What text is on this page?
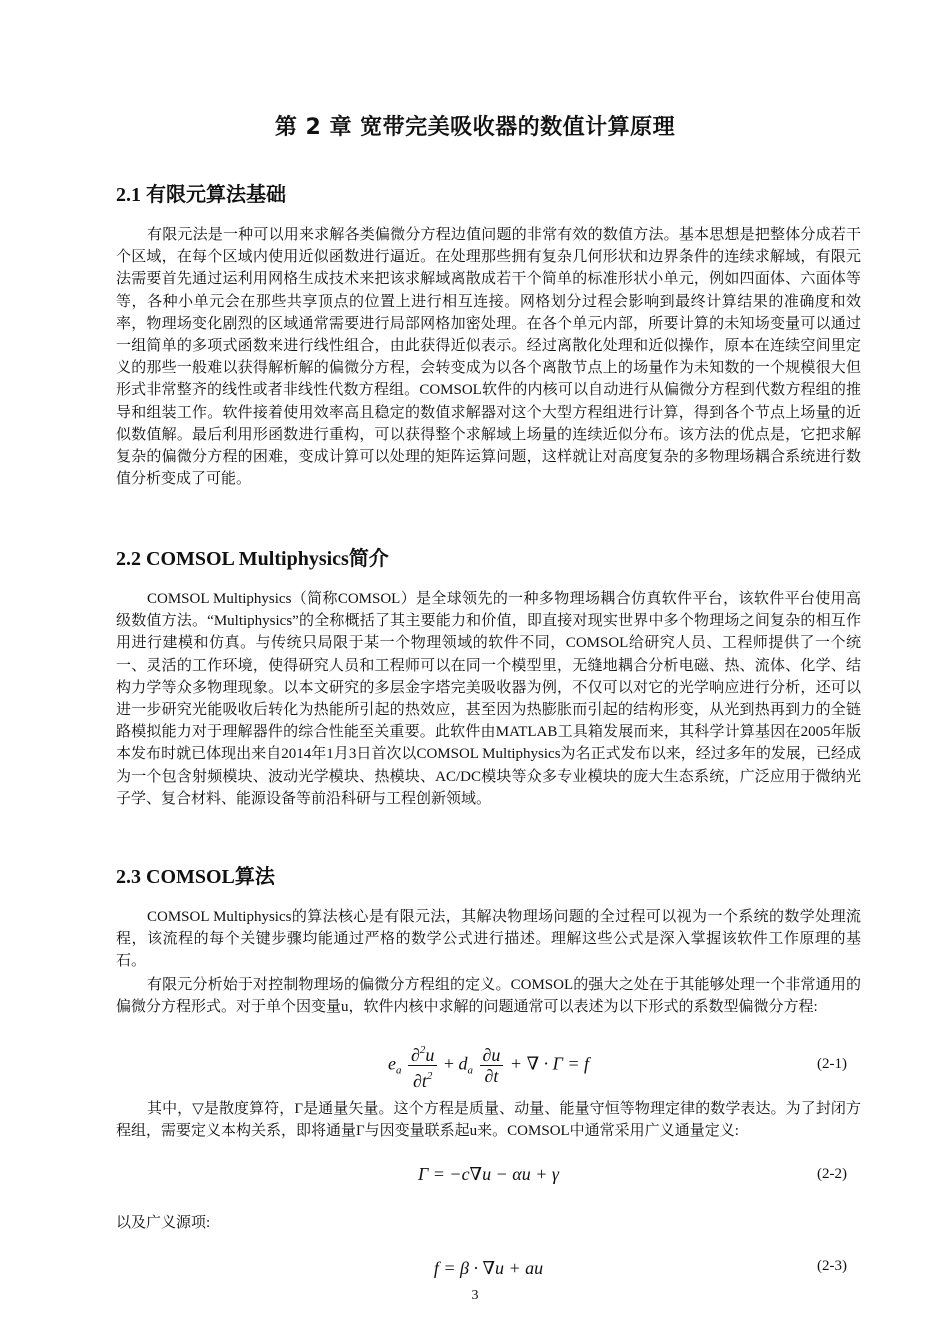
第 2 章 宽带完美吸收器的数值计算原理
2.1 有限元算法基础

有限元法是一种可以用来求解各类偏微分方程边值问题的非常有效的数值方法。基本思想是把整体分成若干个区域，在每个区域内使用近似函数进行逼近。在处理那些拥有复杂几何形状和边界条件的连续求解域，有限元法需要首先通过运利用网格生成技术来把该求解域离散成若干个简单的标准形状小单元，例如四面体、六面体等等，各种小单元会在那些共享顶点的位置上进行相互连接。网格划分过程会影响到最终计算结果的准确度和效率，物理场变化剧烈的区域通常需要进行局部网格加密处理。在各个单元内部，所要计算的未知场变量可以通过一组简单的多项式函数来进行线性组合，由此获得近似表示。经过离散化处理和近似操作，原本在连续空间里定义的那些一般难以获得解析解的偏微分方程，会转变成为以各个离散节点上的场量作为未知数的一个规模很大但形式非常整齐的线性或者非线性代数方程组。COMSOL软件的内核可以自动进行从偏微分方程到代数方程组的推导和组装工作。软件接着使用效率高且稳定的数值求解器对这个大型方程组进行计算，得到各个节点上场量的近似数值解。最后利用形函数进行重构，可以获得整个求解域上场量的连续近似分布。该方法的优点是，它把求解复杂的偏微分方程的困难，变成计算可以处理的矩阵运算问题，这样就让对高度复杂的多物理场耦合系统进行数值分析变成了可能。

2.2 COMSOL Multiphysics简介

COMSOL Multiphysics（简称COMSOL）是全球领先的一种多物理场耦合仿真软件平台，该软件平台使用高级数值方法。“Multiphysics”的全称概括了其主要能力和价值，即直接对现实世界中多个物理场之间复杂的相互作用进行建模和仿真。与传统只局限于某一个物理领域的软件不同，COMSOL给研究人员、工程师提供了一个统一、灵活的工作环境，使得研究人员和工程师可以在同一个模型里，无缝地耦合分析电磁、热、流体、化学、结构力学等众多物理现象。以本文研究的多层金字塔完美吸收器为例，不仅可以对它的光学响应进行分析，还可以进一步研究光能吸收后转化为热能所引起的热效应，甚至因为热膨胀而引起的结构形变，从光到热再到力的全链路模拟能力对于理解器件的综合性能至关重要。此软件由MATLAB工具箱发展而来，其科学计算基因在2005年版本发布时就已体现出来自2014年1月3日首次以COMSOL Multiphysics为名正式发布以来，经过多年的发展，已经成为一个包含射频模块、波动光学模块、热模块、AC/DC模块等众多专业模块的庞大生态系统，广泛应用于微纳光子学、复合材料、能源设备等前沿科研与工程创新领域。

2.3 COMSOL算法

COMSOL Multiphysics的算法核心是有限元法，其解决物理场问题的全过程可以视为一个系统的数学处理流程，该流程的每个关键步骤均能通过严格的数学公式进行描述。理解这些公式是深入掌握该软件工作原理的基石。

有限元分析始于对控制物理场的偏微分方程组的定义。COMSOL的强大之处在于其能够处理一个非常通用的偏微分方程形式。对于单个因变量u，软件内核中求解的问题通常可以表述为以下形式的系数型偏微分方程:

$e_a \frac{\partial^2u}{\partial t^2} + d_a \frac{\partial u}{\partial t}$ + ∇ · Γ = f	(2-1)

其中，▽是散度算符，Γ是通量矢量。这个方程是质量、动量、能量守恒等物理定律的数学表达。为了封闭方程组，需要定义本构关系，即将通量Γ与因变量联系起u来。COMSOL中通常采用广义通量定义:

Γ = −c∇u − αu + γ	(2-2)

以及广义源项:

f = β · ∇u + au	(2-3)
3
